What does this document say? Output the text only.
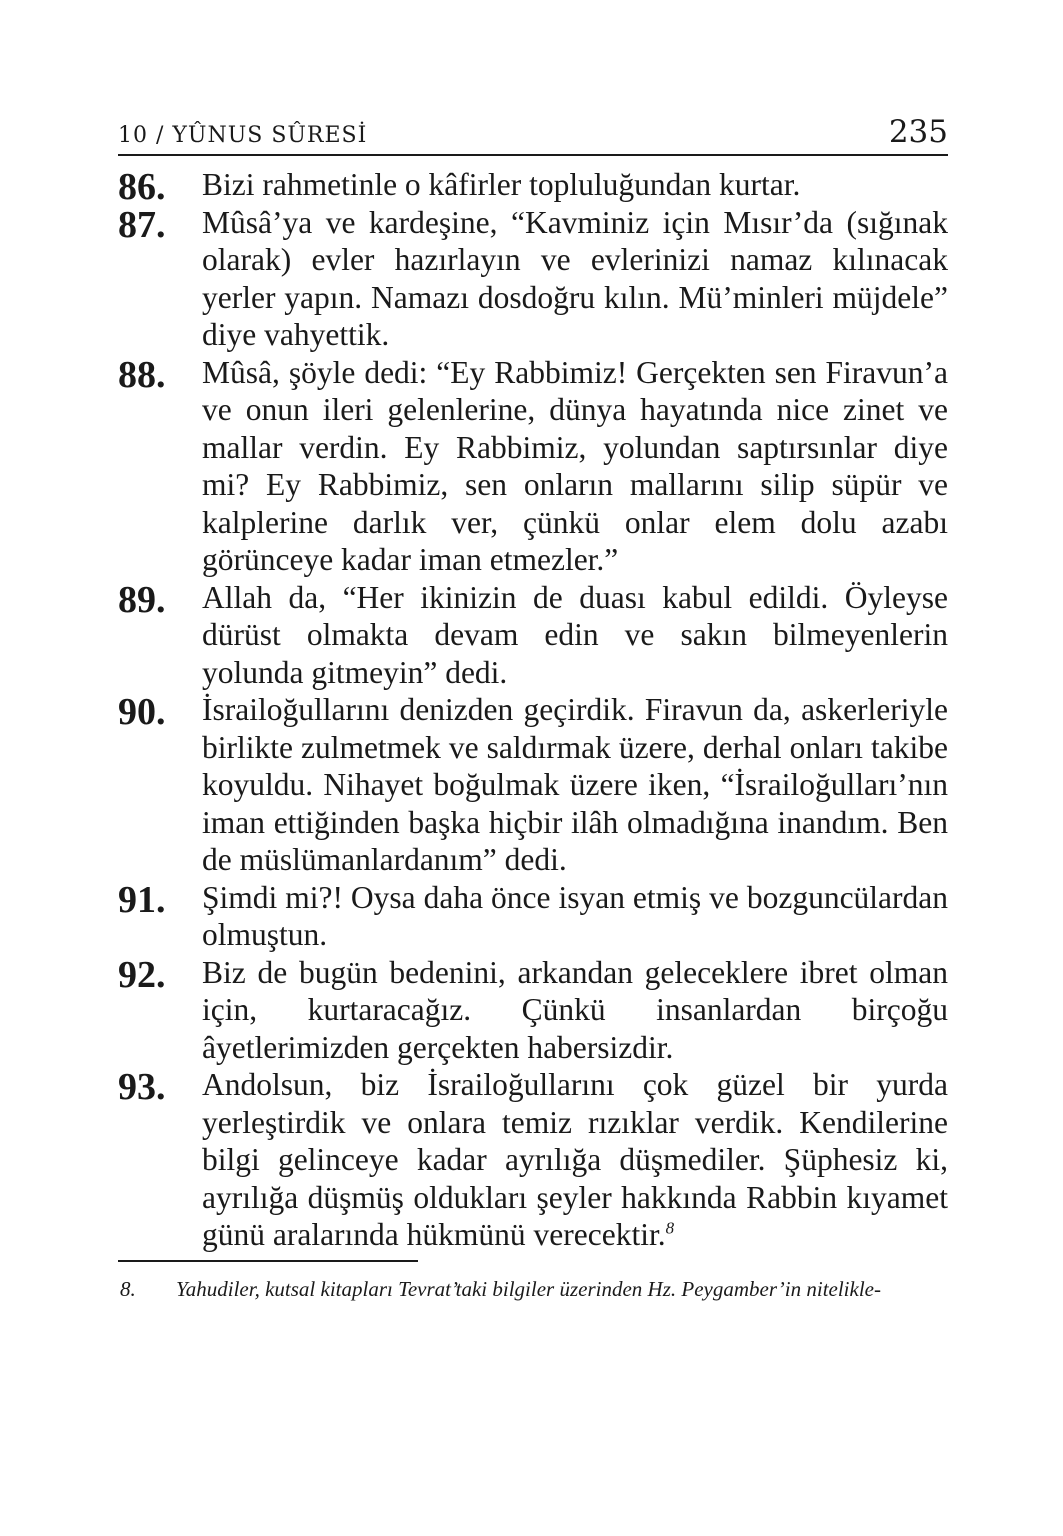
10 / YÛNUS SÛRESİ	235
86. Bizi rahmetinle o kâfirler topluluğundan kurtar.
87. Mûsâ’ya ve kardeşine, “Kavminiz için Mısır’da (sığınak olarak) evler hazırlayın ve evlerinizi namaz kılınacak yerler yapın. Namazı dosdoğru kılın. Mü’minleri müjdele” diye vahyettik.
88. Mûsâ, şöyle dedi: “Ey Rabbimiz! Gerçekten sen Firavun’a ve onun ileri gelenlerine, dünya hayatında nice zinet ve mallar verdin. Ey Rabbimiz, yolundan saptırsınlar diye mi? Ey Rabbimiz, sen onların mallarını silip süpür ve kalplerine darlık ver, çünkü onlar elem dolu azabı görünceye kadar iman etmezler.”
89. Allah da, “Her ikinizin de duası kabul edildi. Öyleyse dürüst olmakta devam edin ve sakın bilmeyenlerin yolunda gitmeyin” dedi.
90. İsrailoğullarını denizden geçirdik. Firavun da, askerleriyle birlikte zulmetmek ve saldırmak üzere, derhal onları takibe koyuldu. Nihayet boğulmak üzere iken, “İsrailoğulları’nın iman ettiğinden başka hiçbir ilâh olmadığına inandım. Ben de müslümanlardanım” dedi.
91. Şimdi mi?! Oysa daha önce isyan etmiş ve bozguncülardan olmuştun.
92. Biz de bugün bedenini, arkandan geleceklere ibret olman için, kurtaracağız. Çünkü insanlardan birçoğu âyetlerimizden gerçekten habersizdir.
93. Andolsun, biz İsrailoğullarını çok güzel bir yurda yerleştirdik ve onlara temiz rızıklar verdik. Kendilerine bilgi gelinceye kadar ayrılığa düşmediler. Şüphesiz ki, ayrılığa düşmüş oldukları şeyler hakkında Rabbin kıyamet günü aralarında hükmünü verecektir.$^8$
8. Yahudiler, kutsal kitapları Tevrat’taki bilgiler üzerinden Hz. Peygamber’in nitelikle-
